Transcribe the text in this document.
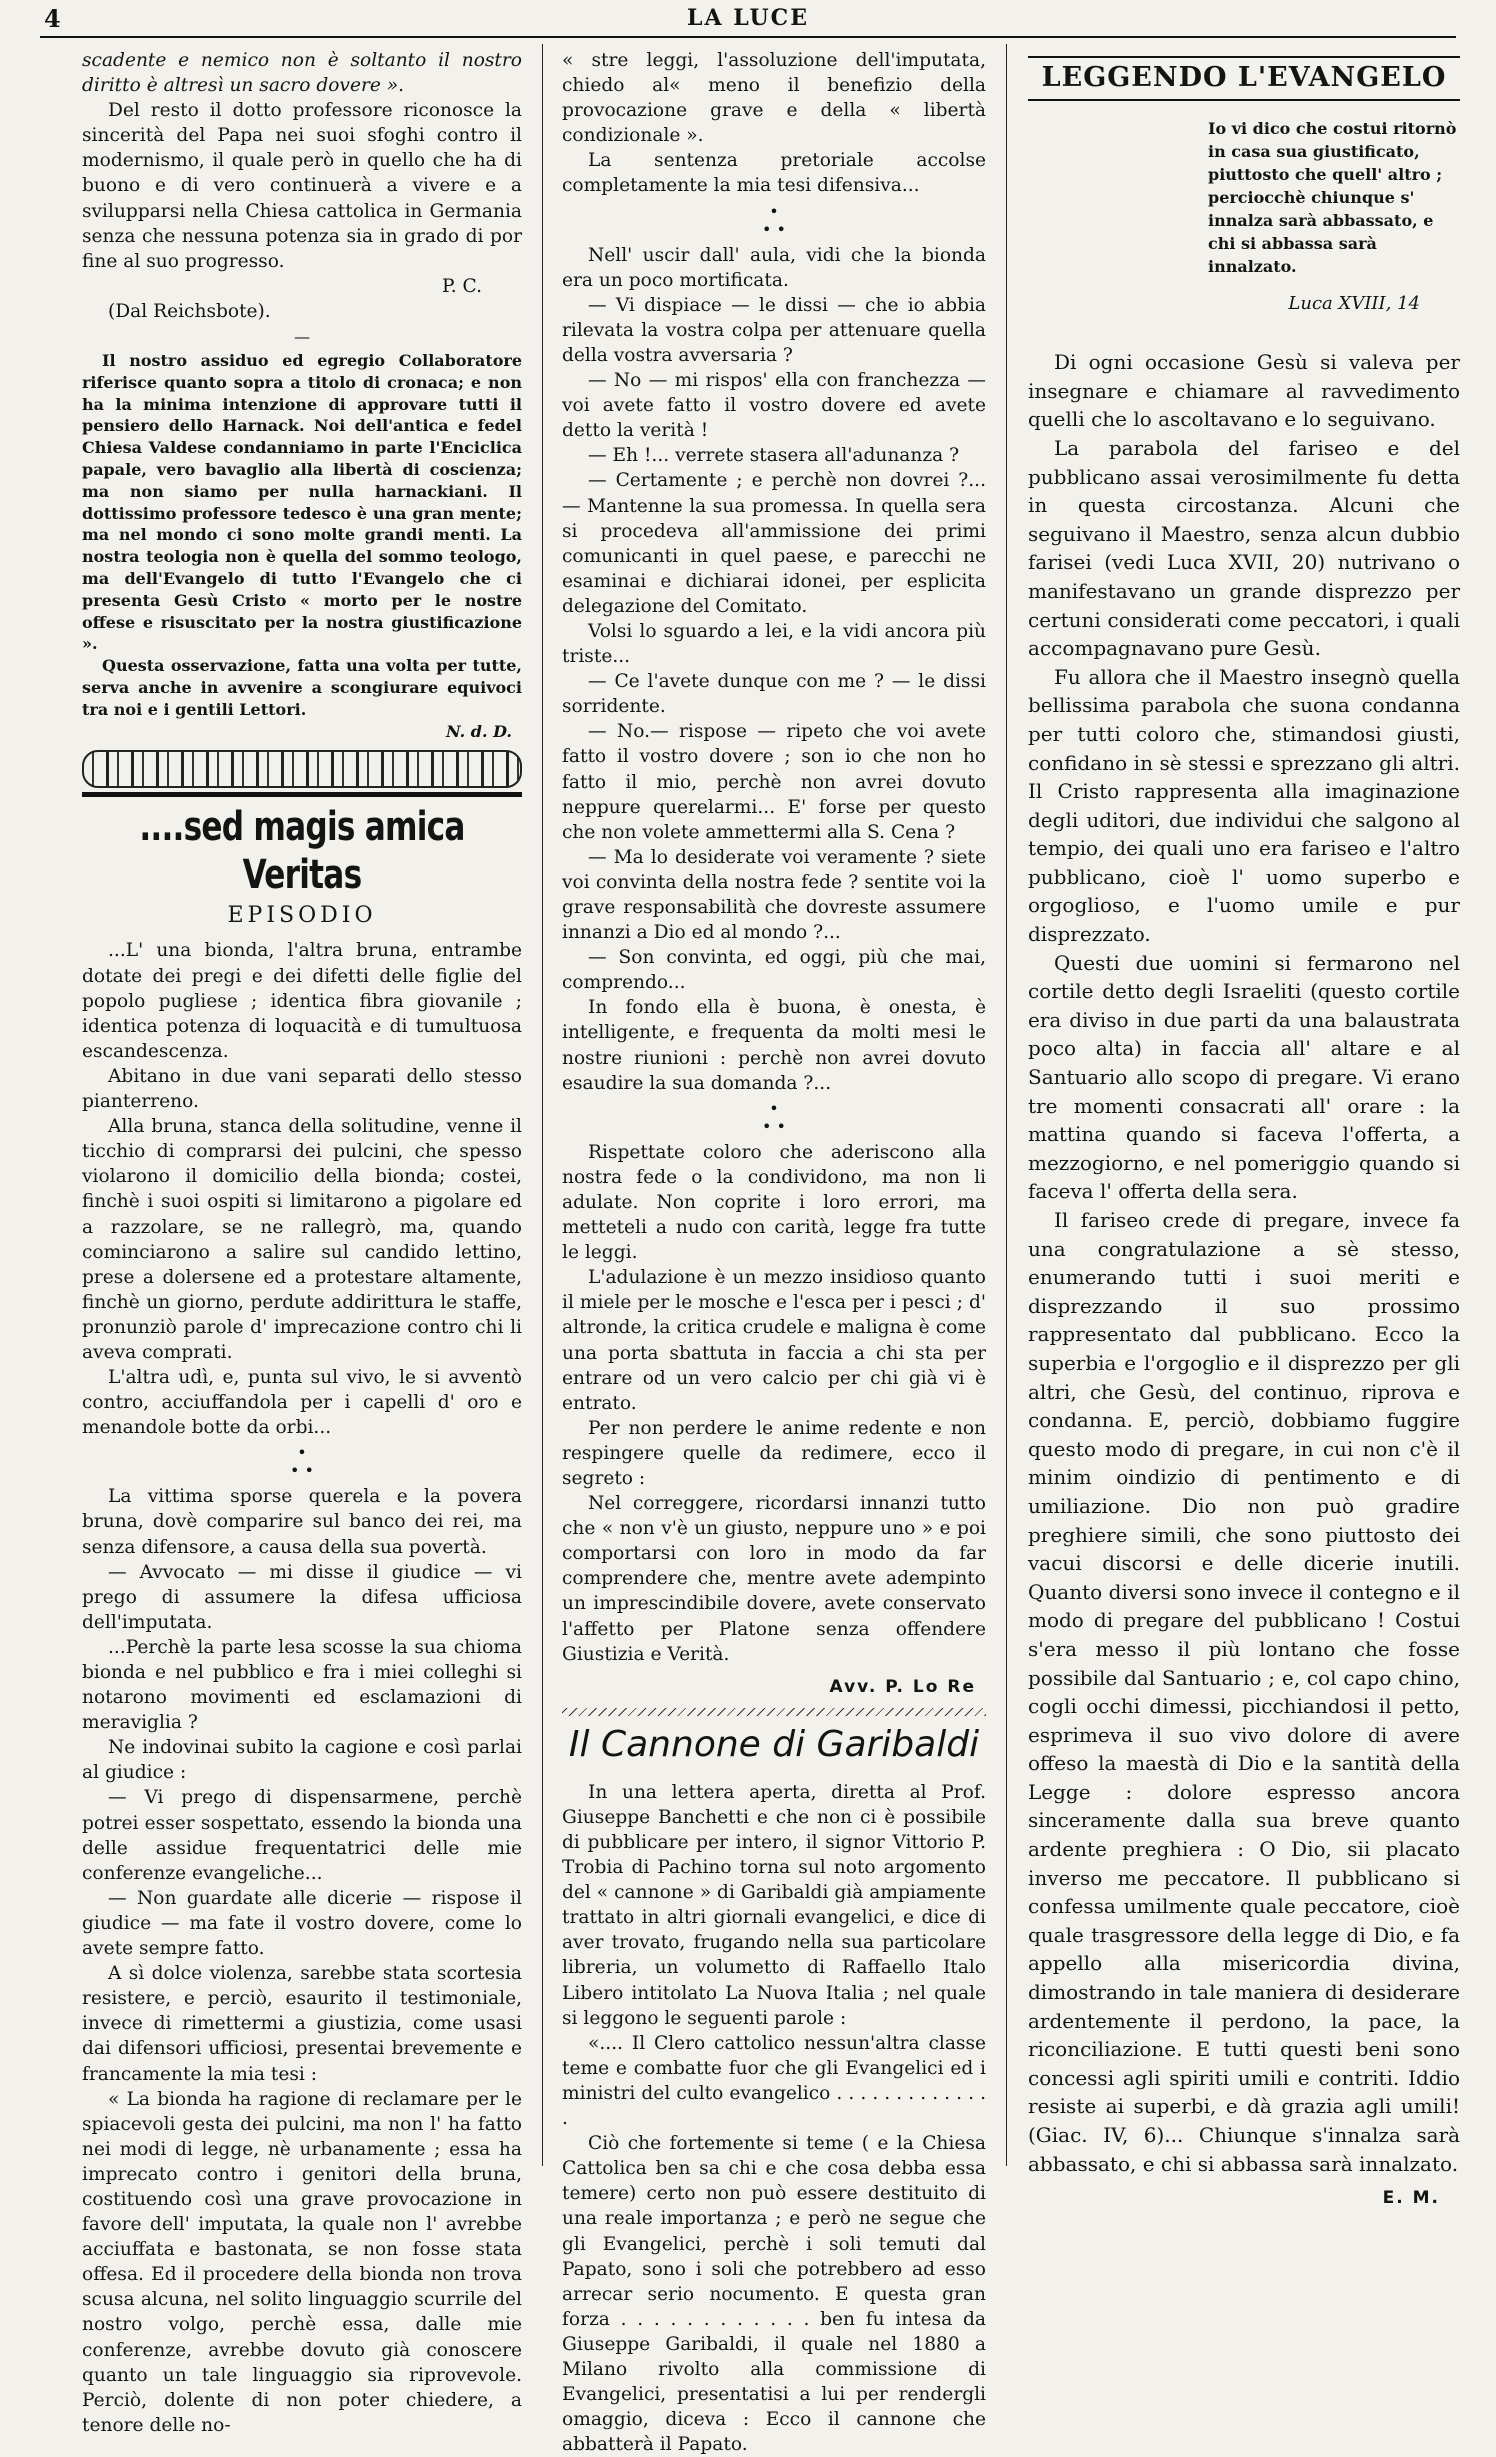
4	LA LUCE

scadente e nemico non è soltanto il nostro diritto è altresì un sacro dovere ».

Del resto il dotto professore riconosce la sincerità del Papa nei suoi sfoghi contro il modernismo, il quale però in quello che ha di buono e di vero continuerà a vivere e a svilupparsi nella Chiesa cattolica in Germania senza che nessuna potenza sia in grado di por fine al suo progresso.

P. C.

(Dal Reichsbote).

—

Il nostro assiduo ed egregio Collaboratore riferisce quanto sopra a titolo di cronaca; e non ha la minima intenzione di approvare tutti il pensiero dello Harnack. Noi dell'antica e fedel Chiesa Valdese condanniamo in parte l'Enciclica papale, vero bavaglio alla libertà di coscienza; ma non siamo per nulla harnackiani. Il dottissimo professore tedesco è una gran mente; ma nel mondo ci sono molte grandi menti. La nostra teologia non è quella del sommo teologo, ma dell'Evangelo di tutto l'Evangelo che ci presenta Gesù Cristo « morto per le nostre offese e risuscitato per la nostra giustificazione ».

Questa osservazione, fatta una volta per tutte, serva anche in avvenire a scongiurare equivoci tra noi e i gentili Lettori.

N. d. D.
....sed magis amica Veritas
EPISODIO

...L' una bionda, l'altra bruna, entrambe dotate dei pregi e dei difetti delle figlie del popolo pugliese ; identica fibra giovanile ; identica potenza di loquacità e di tumultuosa escandescenza.

Abitano in due vani separati dello stesso pianterreno.

Alla bruna, stanca della solitudine, venne il ticchio di comprarsi dei pulcini, che spesso violarono il domicilio della bionda; costei, finchè i suoi ospiti si limitarono a pigolare ed a razzolare, se ne rallegrò, ma, quando cominciarono a salire sul candido lettino, prese a dolersene ed a protestare altamente, finchè un giorno, perdute addirittura le staffe, pronunziò parole d' imprecazione contro chi li aveva comprati.

L'altra udì, e, punta sul vivo, le si avventò contro, acciuffandola per i capelli d' oro e menandole botte da orbi...

•
• •

La vittima sporse querela e la povera bruna, dovè comparire sul banco dei rei, ma senza difensore, a causa della sua povertà.

— Avvocato — mi disse il giudice — vi prego di assumere la difesa ufficiosa dell'imputata.

...Perchè la parte lesa scosse la sua chioma bionda e nel pubblico e fra i miei colleghi si notarono movimenti ed esclamazioni di meraviglia ?

Ne indovinai subito la cagione e così parlai al giudice :

— Vi prego di dispensarmene, perchè potrei esser sospettato, essendo la bionda una delle assidue frequentatrici delle mie conferenze evangeliche...

— Non guardate alle dicerie — rispose il giudice — ma fate il vostro dovere, come lo avete sempre fatto.

A sì dolce violenza, sarebbe stata scortesia resistere, e perciò, esaurito il testimoniale, invece di rimettermi a giustizia, come usasi dai difensori ufficiosi, presentai brevemente e francamente la mia tesi :

« La bionda ha ragione di reclamare per le spiacevoli gesta dei pulcini, ma non l' ha fatto nei modi di legge, nè urbanamente ; essa ha imprecato contro i genitori della bruna, costituendo così una grave provocazione in favore dell' imputata, la quale non l' avrebbe acciuffata e bastonata, se non fosse stata offesa. Ed il procedere della bionda non trova scusa alcuna, nel solito linguaggio scurrile del nostro volgo, perchè essa, dalle mie conferenze, avrebbe dovuto già conoscere quanto un tale linguaggio sia riprovevole. Perciò, dolente di non poter chiedere, a tenore delle no-

« stre leggi, l'assoluzione dell'imputata, chiedo al« meno il benefizio della provocazione grave e della « libertà condizionale ».

La sentenza pretoriale accolse completamente la mia tesi difensiva...

•
• •

Nell' uscir dall' aula, vidi che la bionda era un poco mortificata.

— Vi dispiace — le dissi — che io abbia rilevata la vostra colpa per attenuare quella della vostra avversaria ?

— No — mi rispos' ella con franchezza — voi avete fatto il vostro dovere ed avete detto la verità !

— Eh !... verrete stasera all'adunanza ?

— Certamente ; e perchè non dovrei ?... — Mantenne la sua promessa. In quella sera si procedeva all'ammissione dei primi comunicanti in quel paese, e parecchi ne esaminai e dichiarai idonei, per esplicita delegazione del Comitato.

Volsi lo sguardo a lei, e la vidi ancora più triste...

— Ce l'avete dunque con me ? — le dissi sorridente.

— No.— rispose — ripeto che voi avete fatto il vostro dovere ; son io che non ho fatto il mio, perchè non avrei dovuto neppure querelarmi... E' forse per questo che non volete ammettermi alla S. Cena ?

— Ma lo desiderate voi veramente ? siete voi convinta della nostra fede ? sentite voi la grave responsabilità che dovreste assumere innanzi a Dio ed al mondo ?...

— Son convinta, ed oggi, più che mai, comprendo...

In fondo ella è buona, è onesta, è intelligente, e frequenta da molti mesi le nostre riunioni : perchè non avrei dovuto esaudire la sua domanda ?...

•
• •

Rispettate coloro che aderiscono alla nostra fede o la condividono, ma non li adulate. Non coprite i loro errori, ma metteteli a nudo con carità, legge fra tutte le leggi.

L'adulazione è un mezzo insidioso quanto il miele per le mosche e l'esca per i pesci ; d' altronde, la critica crudele e maligna è come una porta sbattuta in faccia a chi sta per entrare od un vero calcio per chi già vi è entrato.

Per non perdere le anime redente e non respingere quelle da redimere, ecco il segreto :

Nel correggere, ricordarsi innanzi tutto che « non v'è un giusto, neppure uno » e poi comportarsi con loro in modo da far comprendere che, mentre avete adempinto un imprescindibile dovere, avete conservato l'affetto per Platone senza offendere Giustizia e Verità.

Avv. P. Lo Re
Il Cannone di Garibaldi

In una lettera aperta, diretta al Prof. Giuseppe Banchetti e che non ci è possibile di pubblicare per intero, il signor Vittorio P. Trobia di Pachino torna sul noto argomento del « cannone » di Garibaldi già ampiamente trattato in altri giornali evangelici, e dice di aver trovato, frugando nella sua particolare libreria, un volumetto di Raffaello Italo Libero intitolato La Nuova Italia ; nel quale si leggono le seguenti parole :

«.... Il Clero cattolico nessun'altra classe teme e combatte fuor che gli Evangelici ed i ministri del culto evangelico . . . . . . . . . . . . . .

Ciò che fortemente si teme ( e la Chiesa Cattolica ben sa chi e che cosa debba essa temere) certo non può essere destituito di una reale importanza ; e però ne segue che gli Evangelici, perchè i soli temuti dal Papato, sono i soli che potrebbero ad esso arrecar serio nocumento. E questa gran forza . . . . . . . . . . . . ben fu intesa da Giuseppe Garibaldi, il quale nel 1880 a Milano rivolto alla commissione di Evangelici, presentatisi a lui per rendergli omaggio, diceva : Ecco il cannone che abbatterà il Papato.

LEGGENDO L'EVANGELO
Io vi dico che costui ritornò in casa sua giustificato, piuttosto che quell' altro ; perciocchè chiunque s' innalza sarà abbassato, e chi si abbassa sarà innalzato.
Luca XVIII, 14

Di ogni occasione Gesù si valeva per insegnare e chiamare al ravvedimento quelli che lo ascoltavano e lo seguivano.

La parabola del fariseo e del pubblicano assai verosimilmente fu detta in questa circostanza. Alcuni che seguivano il Maestro, senza alcun dubbio farisei (vedi Luca XVII, 20) nutrivano o manifestavano un grande disprezzo per certuni considerati come peccatori, i quali accompagnavano pure Gesù.

Fu allora che il Maestro insegnò quella bellissima parabola che suona condanna per tutti coloro che, stimandosi giusti, confidano in sè stessi e sprezzano gli altri. Il Cristo rappresenta alla imaginazione degli uditori, due individui che salgono al tempio, dei quali uno era fariseo e l'altro pubblicano, cioè l' uomo superbo e orgoglioso, e l'uomo umile e pur disprezzato.

Questi due uomini si fermarono nel cortile detto degli Israeliti (questo cortile era diviso in due parti da una balaustrata poco alta) in faccia all' altare e al Santuario allo scopo di pregare. Vi erano tre momenti consacrati all' orare : la mattina quando si faceva l'offerta, a mezzogiorno, e nel pomeriggio quando si faceva l' offerta della sera.

Il fariseo crede di pregare, invece fa una congratulazione a sè stesso, enumerando tutti i suoi meriti e disprezzando il suo prossimo rappresentato dal pubblicano. Ecco la superbia e l'orgoglio e il disprezzo per gli altri, che Gesù, del continuo, riprova e condanna. E, perciò, dobbiamo fuggire questo modo di pregare, in cui non c'è il minim oindizio di pentimento e di umiliazione. Dio non può gradire preghiere simili, che sono piuttosto dei vacui discorsi e delle dicerie inutili. Quanto diversi sono invece il contegno e il modo di pregare del pubblicano ! Costui s'era messo il più lontano che fosse possibile dal Santuario ; e, col capo chino, cogli occhi dimessi, picchiandosi il petto, esprimeva il suo vivo dolore di avere offeso la maestà di Dio e la santità della Legge : dolore espresso ancora sinceramente dalla sua breve quanto ardente preghiera : O Dio, sii placato inverso me peccatore. Il pubblicano si confessa umilmente quale peccatore, cioè quale trasgressore della legge di Dio, e fa appello alla misericordia divina, dimostrando in tale maniera di desiderare ardentemente il perdono, la pace, la riconciliazione. E tutti questi beni sono concessi agli spiriti umili e contriti. Iddio resiste ai superbi, e dà grazia agli umili! (Giac. IV, 6)... Chiunque s'innalza sarà abbassato, e chi si abbassa sarà innalzato.

E. M.
